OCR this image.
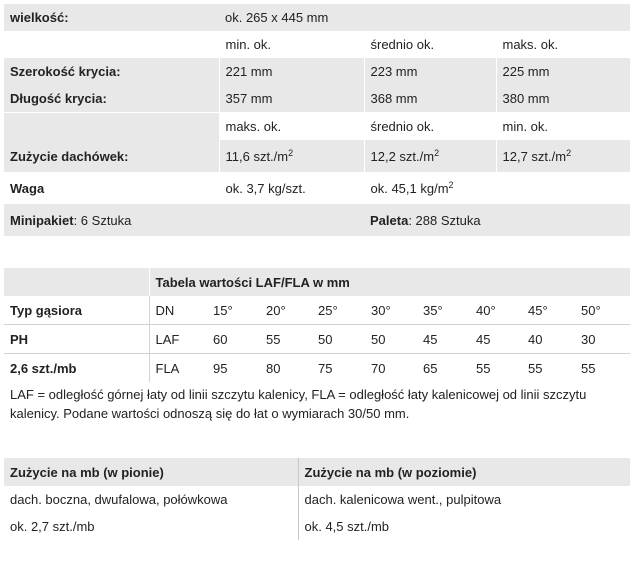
wielkość:	ok. 265 x 445 mm		
	min. ok.	średnio ok.	maks. ok.
Szerokość krycia:	221 mm	223 mm	225 mm
Długość krycia:	357 mm	368 mm	380 mm
	maks. ok.	średnio ok.	min. ok.
Zużycie dachówek:	11,6 $szt./m^2$	12,2 $szt./m^2$	12,7 $szt./m^2$
Waga	ok. 3,7 kg/szt.	ok. 45,1 $kg/m^2$
Minipakiet: 6 Sztuka		Paleta: 288 Sztuka	
	Tabela wartości LAF/FLA w mm								
Typ gąsiora	DN	15°	20°	25°	30°	35°	40°	45°	50°
PH	LAF	60	55	50	50	45	45	40	30
2,6 szt./mb	FLA	95	80	75	70	65	55	55	55
LAF = odległość górnej łaty od linii szczytu kalenicy, FLA = odległość łaty kalenicowej od linii szczytu kalenicy. Podane wartości odnoszą się do łat o wymiarach 30/50 mm.
Zużycie na mb (w pionie)	Zużycie na mb (w poziomie)
dach. boczna, dwufalowa, połówkowa	dach. kalenicowa went., pulpitowa
ok. 2,7 szt./mb	ok. 4,5 szt./mb
